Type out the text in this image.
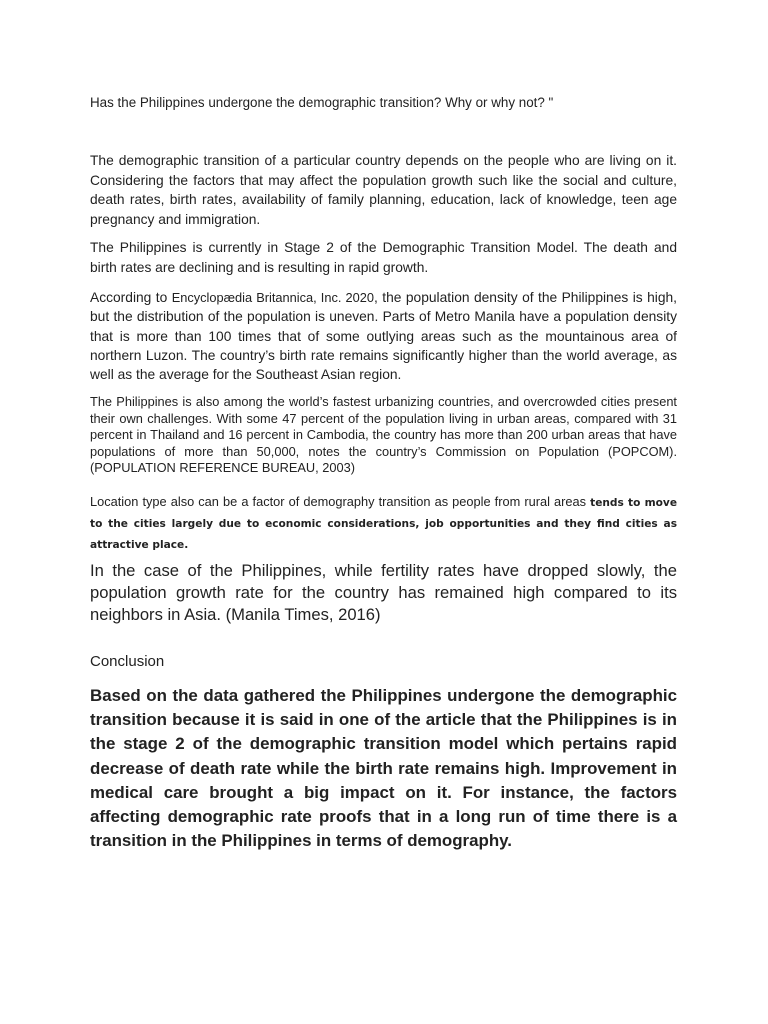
Has the Philippines undergone the demographic transition? Why or why not? "

The demographic transition of a particular country depends on the people who are living on it. Considering the factors that may affect the population growth such like the social and culture, death rates, birth rates, availability of family planning, education, lack of knowledge, teen age pregnancy and immigration.

The Philippines is currently in Stage 2 of the Demographic Transition Model. The death and birth rates are declining and is resulting in rapid growth.

According to Encyclopædia Britannica, Inc. 2020, the population density of the Philippines is high, but the distribution of the population is uneven. Parts of Metro Manila have a population density that is more than 100 times that of some outlying areas such as the mountainous area of northern Luzon. The country’s birth rate remains significantly higher than the world average, as well as the average for the Southeast Asian region.

The Philippines is also among the world’s fastest urbanizing countries, and overcrowded cities present their own challenges. With some 47 percent of the population living in urban areas, compared with 31 percent in Thailand and 16 percent in Cambodia, the country has more than 200 urban areas that have populations of more than 50,000, notes the country’s Commission on Population (POPCOM). (POPULATION REFERENCE BUREAU, 2003)

Location type also can be a factor of demography transition as people from rural areas tends to move to the cities largely due to economic considerations, job opportunities and they find cities as attractive place.

In the case of the Philippines, while fertility rates have dropped slowly, the population growth rate for the country has remained high compared to its neighbors in Asia. (Manila Times, 2016)

Conclusion

Based on the data gathered the Philippines undergone the demographic transition because it is said in one of the article that the Philippines is in the stage 2 of the demographic transition model which pertains rapid decrease of death rate while the birth rate remains high. Improvement in medical care brought a big impact on it. For instance, the factors affecting demographic rate proofs that in a long run of time there is a transition in the Philippines in terms of demography.
